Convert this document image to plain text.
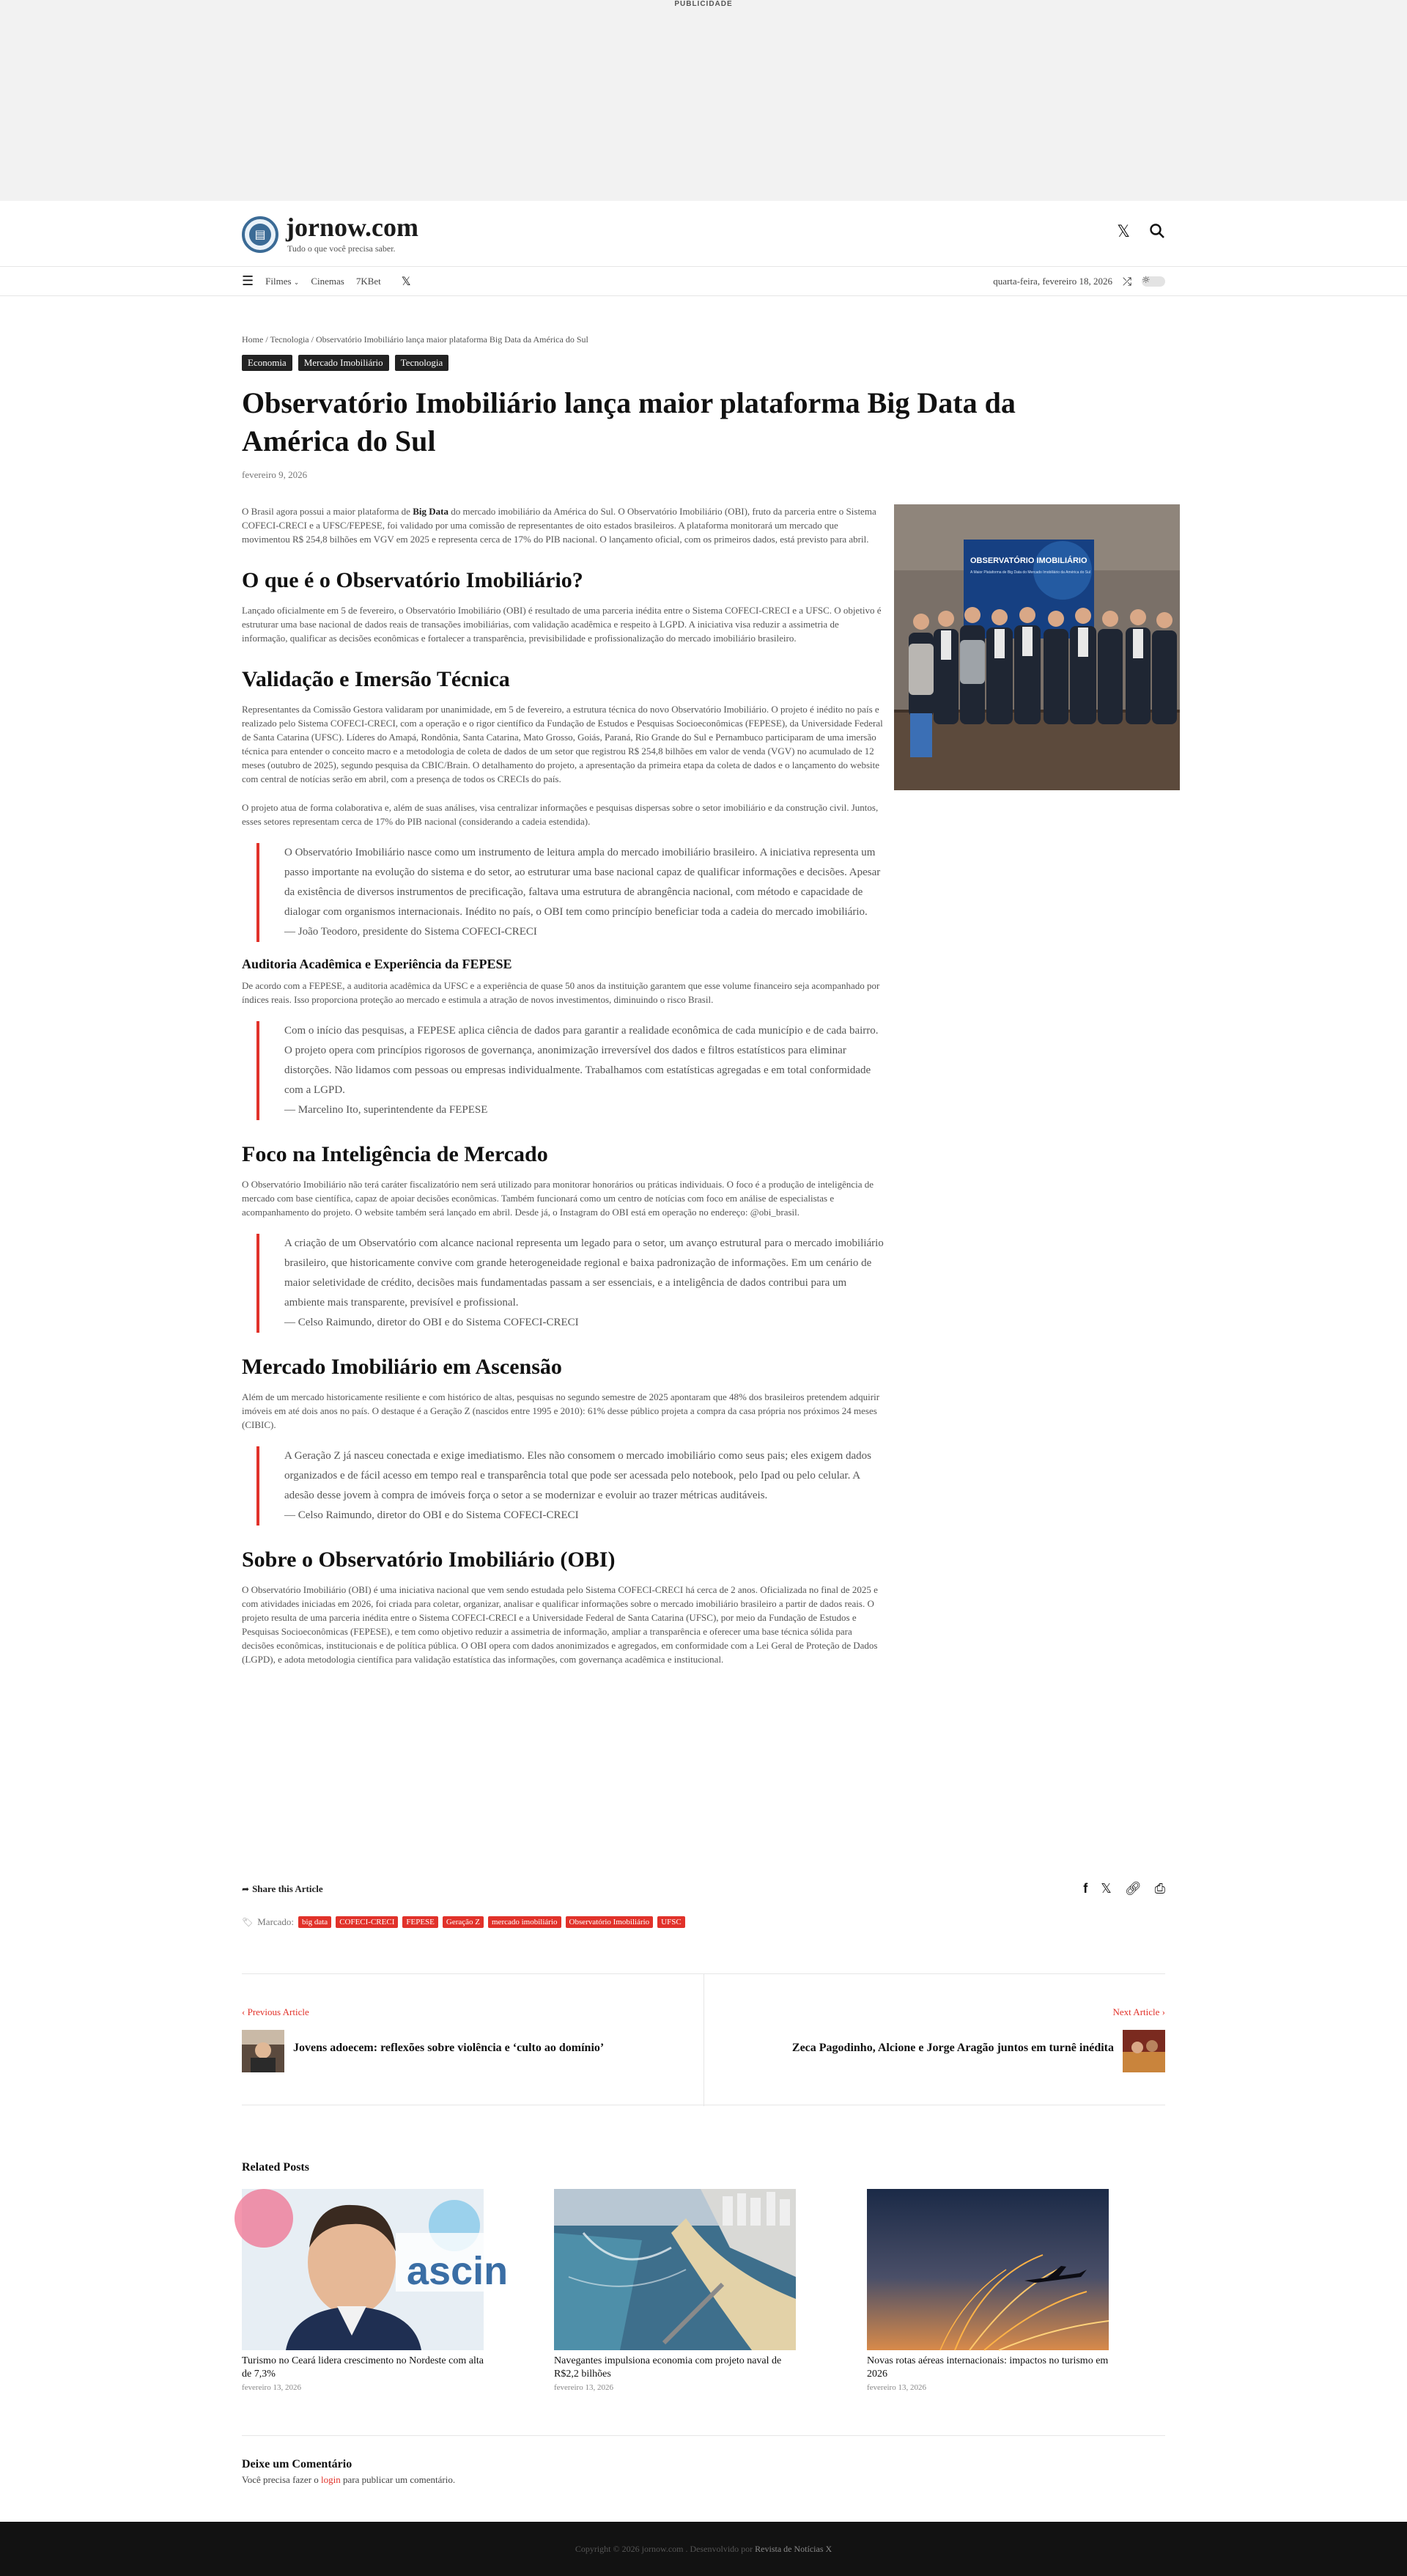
PUBLICIDADE
▤ jornow.com
Tudo o que você precisa saber.
𝕏
☰ Filmes ⌄ Cinemas 7KBet 𝕏	quarta-feira, fevereiro 18, 2026 ⤮ ☼
Home / Tecnologia / Observatório Imobiliário lança maior plataforma Big Data da América do Sul
Economia	Mercado Imobiliário	Tecnologia
Observatório Imobiliário lança maior plataforma Big Data da América do Sul
fevereiro 9, 2026
OBSERVATÓRIO IMOBILIÁRIO
A Maior Plataforma de Big Data do Mercado Imobiliário da América do Sul

O Brasil agora possui a maior plataforma de Big Data do mercado imobiliário da América do Sul. O Observatório Imobiliário (OBI), fruto da parceria entre o Sistema COFECI-CRECI e a UFSC/FEPESE, foi validado por uma comissão de representantes de oito estados brasileiros. A plataforma monitorará um mercado que movimentou R$ 254,8 bilhões em VGV em 2025 e representa cerca de 17% do PIB nacional. O lançamento oficial, com os primeiros dados, está previsto para abril.

O que é o Observatório Imobiliário?

Lançado oficialmente em 5 de fevereiro, o Observatório Imobiliário (OBI) é resultado de uma parceria inédita entre o Sistema COFECI-CRECI e a UFSC. O objetivo é estruturar uma base nacional de dados reais de transações imobiliárias, com validação acadêmica e respeito à LGPD. A iniciativa visa reduzir a assimetria de informação, qualificar as decisões econômicas e fortalecer a transparência, previsibilidade e profissionalização do mercado imobiliário brasileiro.

Validação e Imersão Técnica

Representantes da Comissão Gestora validaram por unanimidade, em 5 de fevereiro, a estrutura técnica do novo Observatório Imobiliário. O projeto é inédito no país e realizado pelo Sistema COFECI-CRECI, com a operação e o rigor científico da Fundação de Estudos e Pesquisas Socioeconômicas (FEPESE), da Universidade Federal de Santa Catarina (UFSC). Líderes do Amapá, Rondônia, Santa Catarina, Mato Grosso, Goiás, Paraná, Rio Grande do Sul e Pernambuco participaram de uma imersão técnica para entender o conceito macro e a metodologia de coleta de dados de um setor que registrou R$ 254,8 bilhões em valor de venda (VGV) no acumulado de 12 meses (outubro de 2025), segundo pesquisa da CBIC/Brain. O detalhamento do projeto, a apresentação da primeira etapa da coleta de dados e o lançamento do website com central de notícias serão em abril, com a presença de todos os CRECIs do país.

O projeto atua de forma colaborativa e, além de suas análises, visa centralizar informações e pesquisas dispersas sobre o setor imobiliário e da construção civil. Juntos, esses setores representam cerca de 17% do PIB nacional (considerando a cadeia estendida).

O Observatório Imobiliário nasce como um instrumento de leitura ampla do mercado imobiliário brasileiro. A iniciativa representa um passo importante na evolução do sistema e do setor, ao estruturar uma base nacional capaz de qualificar informações e decisões. Apesar da existência de diversos instrumentos de precificação, faltava uma estrutura de abrangência nacional, com método e capacidade de dialogar com organismos internacionais. Inédito no país, o OBI tem como princípio beneficiar toda a cadeia do mercado imobiliário.
— João Teodoro, presidente do Sistema COFECI-CRECI
Auditoria Acadêmica e Experiência da FEPESE

De acordo com a FEPESE, a auditoria acadêmica da UFSC e a experiência de quase 50 anos da instituição garantem que esse volume financeiro seja acompanhado por índices reais. Isso proporciona proteção ao mercado e estimula a atração de novos investimentos, diminuindo o risco Brasil.

Com o início das pesquisas, a FEPESE aplica ciência de dados para garantir a realidade econômica de cada município e de cada bairro. O projeto opera com princípios rigorosos de governança, anonimização irreversível dos dados e filtros estatísticos para eliminar distorções. Não lidamos com pessoas ou empresas individualmente. Trabalhamos com estatísticas agregadas e em total conformidade com a LGPD.
— Marcelino Ito, superintendente da FEPESE
Foco na Inteligência de Mercado

O Observatório Imobiliário não terá caráter fiscalizatório nem será utilizado para monitorar honorários ou práticas individuais. O foco é a produção de inteligência de mercado com base científica, capaz de apoiar decisões econômicas. Também funcionará como um centro de notícias com foco em análise de especialistas e acompanhamento do projeto. O website também será lançado em abril. Desde já, o Instagram do OBI está em operação no endereço: @obi_brasil.

A criação de um Observatório com alcance nacional representa um legado para o setor, um avanço estrutural para o mercado imobiliário brasileiro, que historicamente convive com grande heterogeneidade regional e baixa padronização de informações. Em um cenário de maior seletividade de crédito, decisões mais fundamentadas passam a ser essenciais, e a inteligência de dados contribui para um ambiente mais transparente, previsível e profissional.
— Celso Raimundo, diretor do OBI e do Sistema COFECI-CRECI
Mercado Imobiliário em Ascensão

Além de um mercado historicamente resiliente e com histórico de altas, pesquisas no segundo semestre de 2025 apontaram que 48% dos brasileiros pretendem adquirir imóveis em até dois anos no país. O destaque é a Geração Z (nascidos entre 1995 e 2010): 61% desse público projeta a compra da casa própria nos próximos 24 meses (CIBIC).

A Geração Z já nasceu conectada e exige imediatismo. Eles não consomem o mercado imobiliário como seus pais; eles exigem dados organizados e de fácil acesso em tempo real e transparência total que pode ser acessada pelo notebook, pelo Ipad ou pelo celular. A adesão desse jovem à compra de imóveis força o setor a se modernizar e evoluir ao trazer métricas auditáveis.
— Celso Raimundo, diretor do OBI e do Sistema COFECI-CRECI
Sobre o Observatório Imobiliário (OBI)

O Observatório Imobiliário (OBI) é uma iniciativa nacional que vem sendo estudada pelo Sistema COFECI-CRECI há cerca de 2 anos. Oficializada no final de 2025 e com atividades iniciadas em 2026, foi criada para coletar, organizar, analisar e qualificar informações sobre o mercado imobiliário brasileiro a partir de dados reais. O projeto resulta de uma parceria inédita entre o Sistema COFECI-CRECI e a Universidade Federal de Santa Catarina (UFSC), por meio da Fundação de Estudos e Pesquisas Socioeconômicas (FEPESE), e tem como objetivo reduzir a assimetria de informação, ampliar a transparência e oferecer uma base técnica sólida para decisões econômicas, institucionais e de política pública. O OBI opera com dados anonimizados e agregados, em conformidade com a Lei Geral de Proteção de Dados (LGPD), e adota metodologia científica para validação estatística das informações, com governança acadêmica e institucional.

➦ Share this Article	f 𝕏 🔗︎ ⎙
🏷︎ Marcado:	big data	COFECI-CRECI	FEPESE	Geração Z	mercado imobiliário	Observatório Imobiliário	UFSC
‹ Previous Article
Jovens adoecem: reflexões sobre violência e ‘culto ao domínio’
Next Article ›
Zeca Pagodinho, Alcione e Jorge Aragão juntos em turnê inédita
Related Posts
ascin
Turismo no Ceará lidera crescimento no Nordeste com alta de 7,3%
fevereiro 13, 2026
Navegantes impulsiona economia com projeto naval de R$2,2 bilhões
fevereiro 13, 2026
Novas rotas aéreas internacionais: impactos no turismo em 2026
fevereiro 13, 2026
Deixe um Comentário
Você precisa fazer o login para publicar um comentário.
Copyright © 2026 jornow.com . Desenvolvido por Revista de Notícias X
